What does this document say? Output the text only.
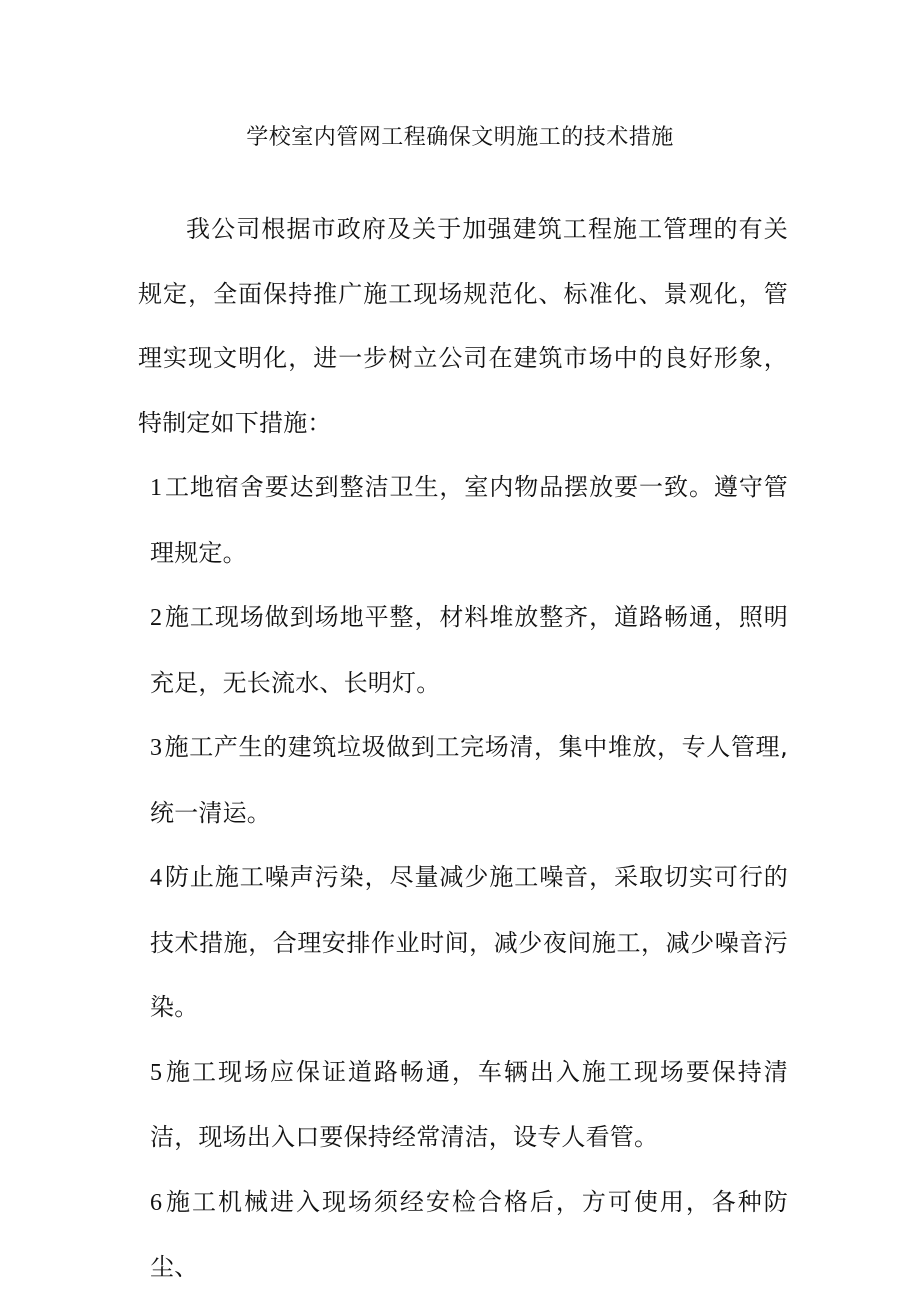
学校室内管网工程确保文明施工的技术措施

我公司根据市政府及关于加强建筑工程施工管理的有关规定，全面保持推广施工现场规范化、标准化、景观化，管理实现文明化，进一步树立公司在建筑市场中的良好形象，特制定如下措施：

1工地宿舍要达到整洁卫生，室内物品摆放要一致。遵守管理规定。

2施工现场做到场地平整，材料堆放整齐，道路畅通，照明充足，无长流水、长明灯。

3施工产生的建筑垃圾做到工完场清，集中堆放，专人管理,统一清运。

4防止施工噪声污染，尽量减少施工噪音，采取切实可行的技术措施，合理安排作业时间，减少夜间施工，减少噪音污染。

5施工现场应保证道路畅通，车辆出入施工现场要保持清洁，现场出入口要保持经常清洁，设专人看管。

6施工机械进入现场须经安检合格后，方可使用，各种防尘、
